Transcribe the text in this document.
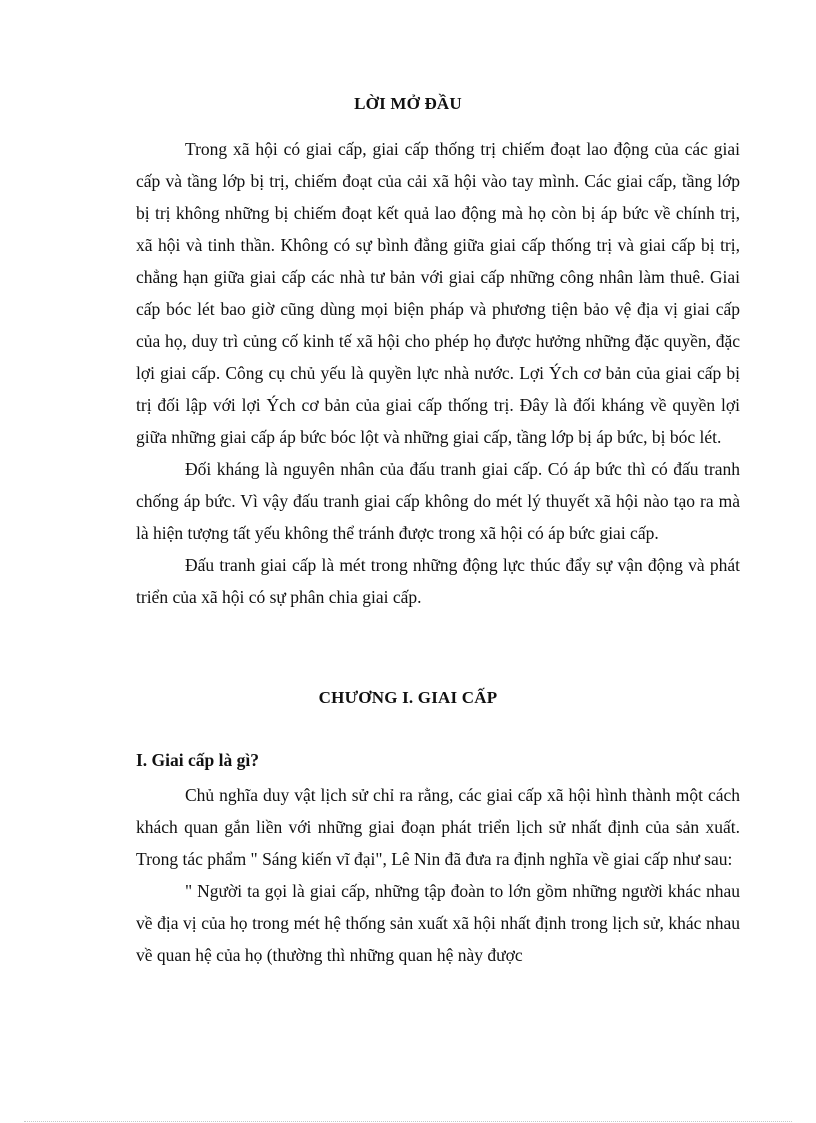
LỜI MỞ ĐẦU

Trong xã hội có giai cấp, giai cấp thống trị chiếm đoạt lao động của các giai cấp và tầng lớp bị trị, chiếm đoạt của cải xã hội vào tay mình. Các giai cấp, tầng lớp bị trị không những bị chiếm đoạt kết quả lao động mà họ còn bị áp bức về chính trị, xã hội và tinh thần. Không có sự bình đẳng giữa giai cấp thống trị và giai cấp bị trị, chẳng hạn giữa giai cấp các nhà tư bản với giai cấp những công nhân làm thuê. Giai cấp bóc lét bao giờ cũng dùng mọi biện pháp và phương tiện bảo vệ địa vị giai cấp của họ, duy trì củng cố kinh tế xã hội cho phép họ được hưởng những đặc quyền, đặc lợi giai cấp. Công cụ chủ yếu là quyền lực nhà nước. Lợi Ých cơ bản của giai cấp bị trị đối lập với lợi Ých cơ bản của giai cấp thống trị. Đây là đối kháng về quyền lợi giữa những giai cấp áp bức bóc lột và những giai cấp, tầng lớp bị áp bức, bị bóc lét.

Đối kháng là nguyên nhân của đấu tranh giai cấp. Có áp bức thì có đấu tranh chống áp bức. Vì vậy đấu tranh giai cấp không do mét lý thuyết xã hội nào tạo ra mà là hiện tượng tất yếu không thể tránh được trong xã hội có áp bức giai cấp.

Đấu tranh giai cấp là mét trong những động lực thúc đẩy sự vận động và phát triển của xã hội có sự phân chia giai cấp.

CHƯƠNG I. GIAI CẤP
I. Giai cấp là gì?

Chủ nghĩa duy vật lịch sử chỉ ra rằng, các giai cấp xã hội hình thành một cách khách quan gắn liền với những giai đoạn phát triển lịch sử nhất định của sản xuất. Trong tác phẩm " Sáng kiến vĩ đại", Lê Nin đã đưa ra định nghĩa về giai cấp như sau:

" Người ta gọi là giai cấp, những tập đoàn to lớn gồm những người khác nhau về địa vị của họ trong mét hệ thống sản xuất xã hội nhất định trong lịch sử, khác nhau về quan hệ của họ (thường thì những quan hệ này được
